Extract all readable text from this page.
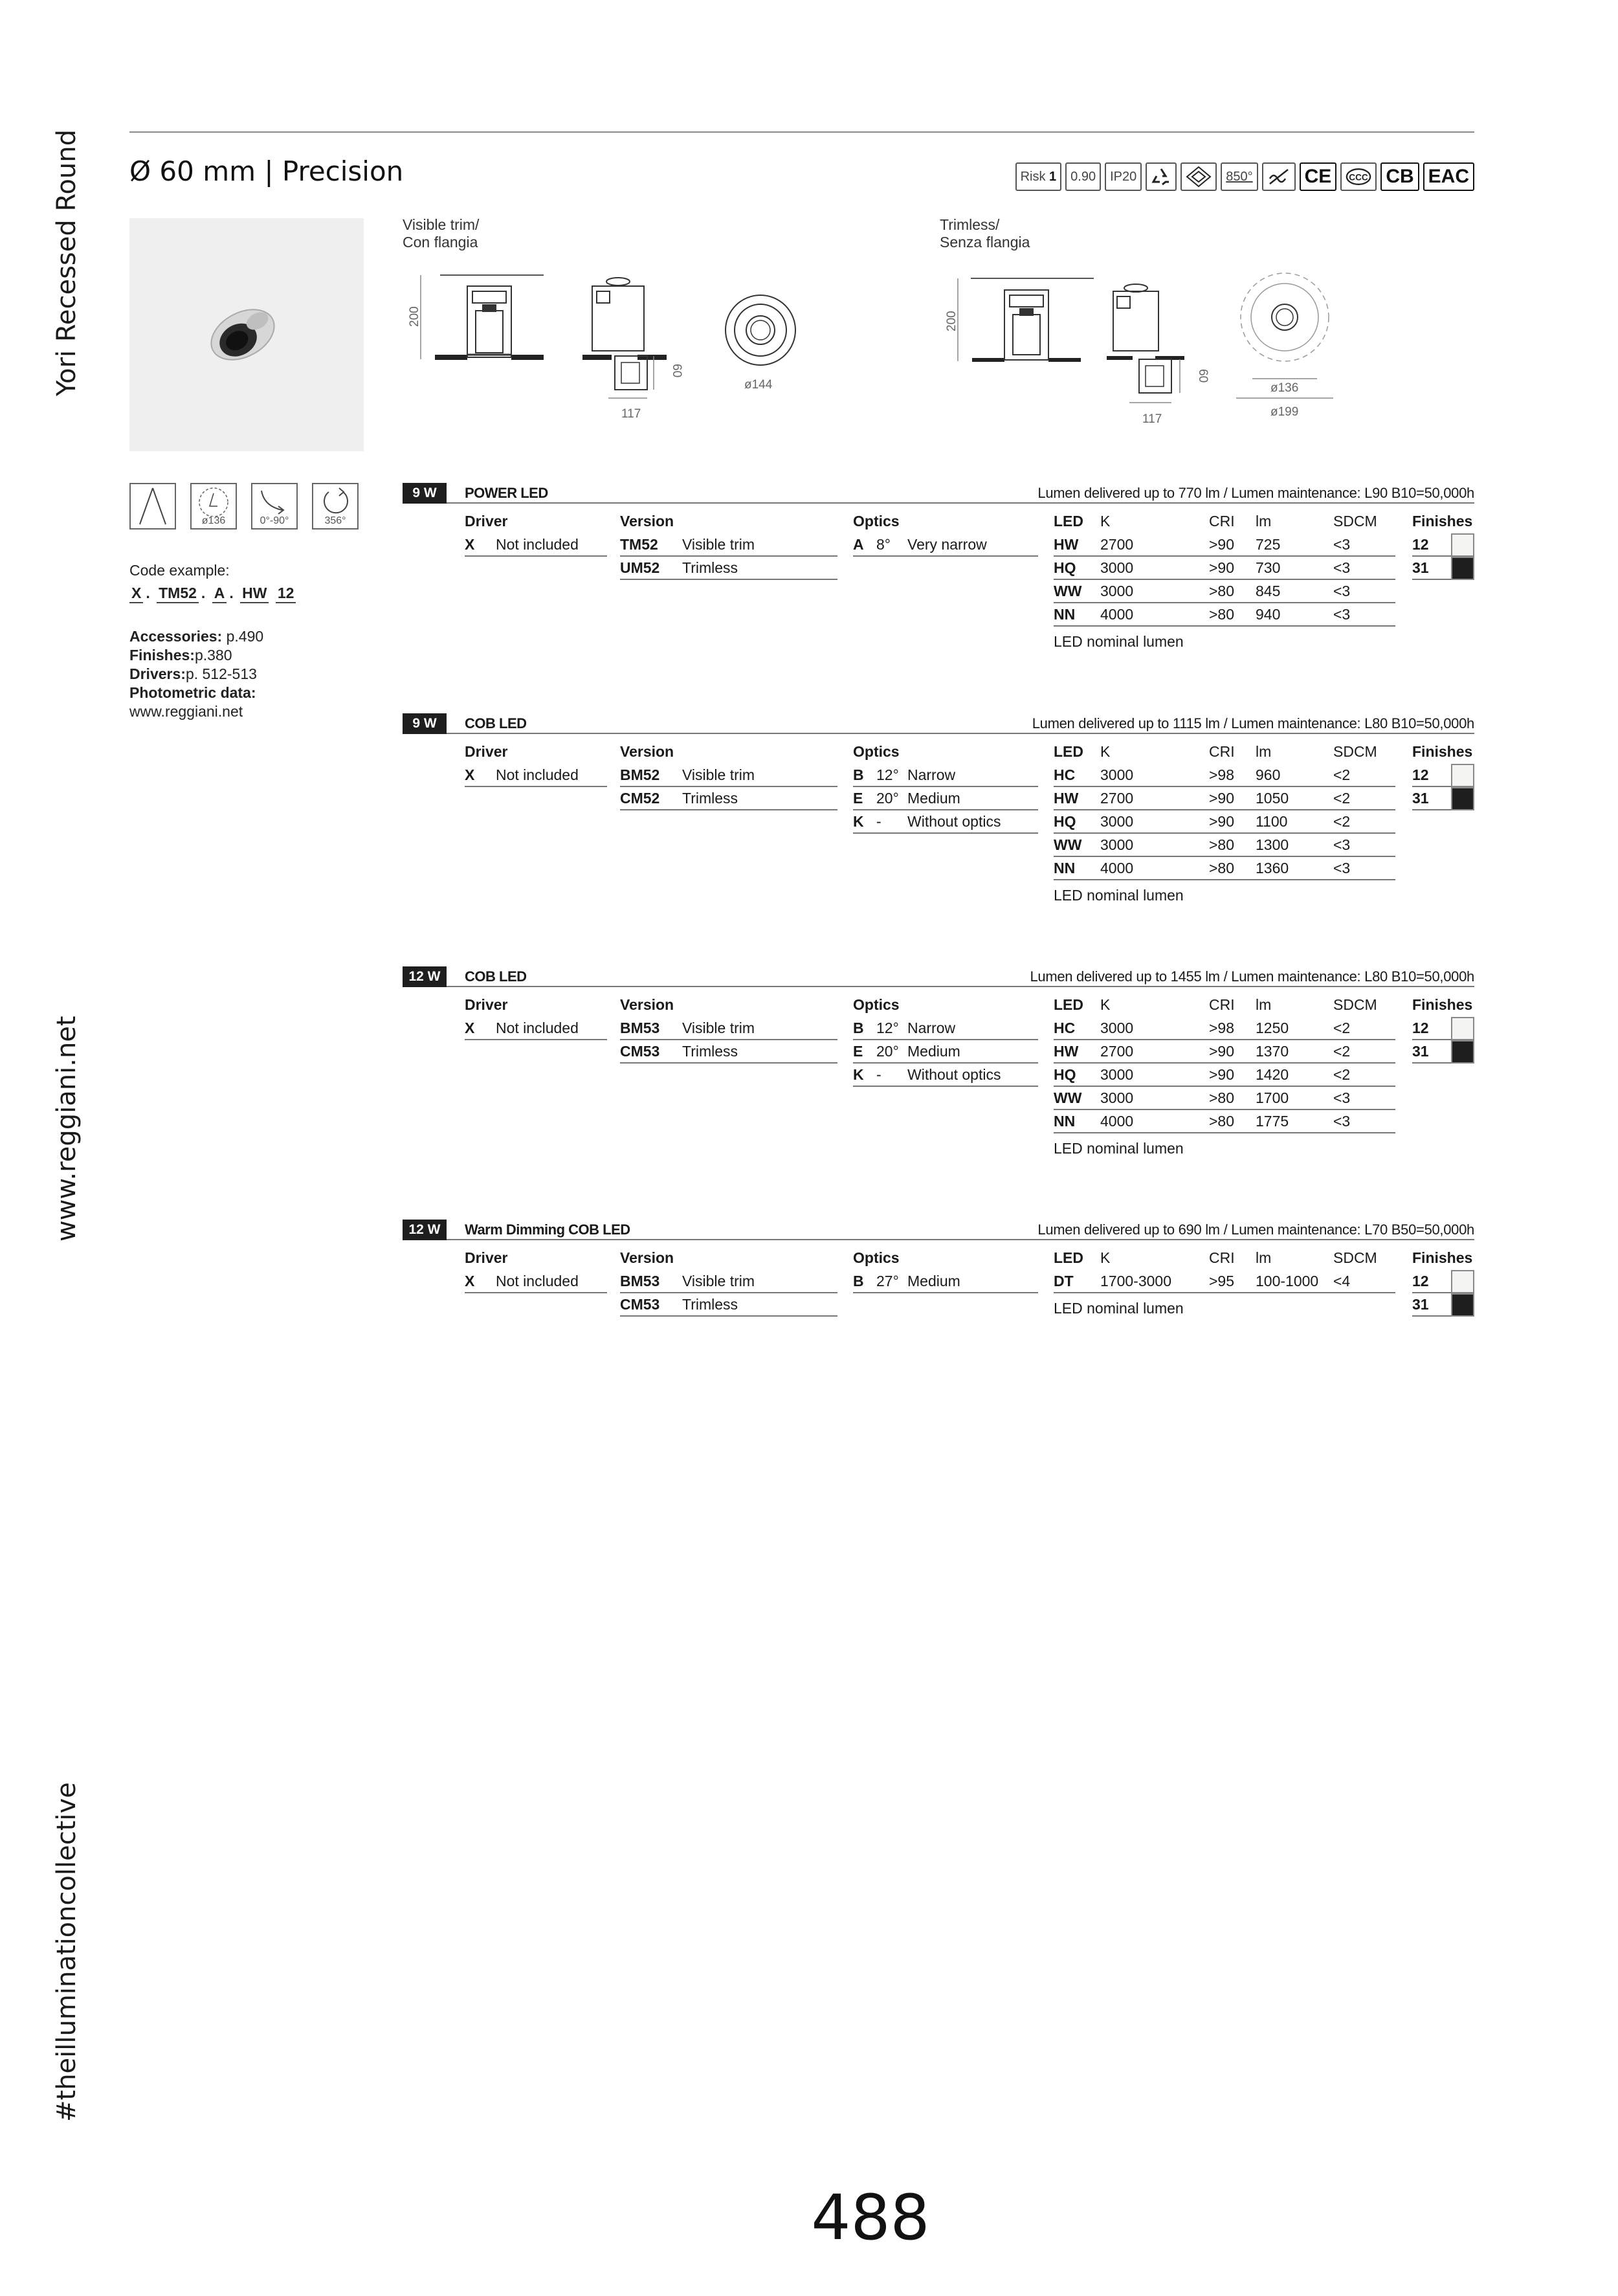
Yori Recessed Round
www.reggiani.net
#theilluminationcollective
Ø 60 mm | Precision	Risk
1	0.90	IP20	850°	CE	CCC CB EAC
Visible trim/
Con flangia
Trimless/
Senza flangia
200
117
60
ø144
200
117
60
ø136
ø199
ø136	0°-90°	356°
Code example:
X . TM52 . A . HW 12
Accessories: p.490
Finishes:p.380
Drivers:p. 512-513
Photometric data:
www.reggiani.net
9 W	POWER LED	Lumen delivered up to 770 lm / Lumen maintenance: L90 B10=50,000h
Driver
X Not included
Version
TM52 Visible trim
UM52 Trimless
Optics
A 8° Very narrow
LED K	CRI lm	SDCM
HW 2700	>90 725	<3
HQ 3000	>90 730	<3
WW 3000	>80 845	<3
NN 4000	>80 940	<3
LED nominal lumen
Finishes
12
31
9 W	COB LED	Lumen delivered up to 1115 lm / Lumen maintenance: L80 B10=50,000h
Driver
X Not included
Version
BM52 Visible trim
CM52 Trimless
Optics
B 12° Narrow
E 20° Medium
K - Without optics
LED K	CRI lm	SDCM
HC 3000	>98 960	<2
HW 2700	>90 1050	<2
HQ 3000	>90 1100	<2
WW 3000	>80 1300	<3
NN 4000	>80 1360	<3
LED nominal lumen
Finishes
12
31
12 W	COB LED	Lumen delivered up to 1455 lm / Lumen maintenance: L80 B10=50,000h
Driver
X Not included
Version
BM53 Visible trim
CM53 Trimless
Optics
B 12° Narrow
E 20° Medium
K - Without optics
LED K	CRI lm	SDCM
HC 3000	>98 1250	<2
HW 2700	>90 1370	<2
HQ 3000	>90 1420	<2
WW 3000	>80 1700	<3
NN 4000	>80 1775	<3
LED nominal lumen
Finishes
12
31
12 W	Warm Dimming COB LED	Lumen delivered up to 690 lm / Lumen maintenance: L70 B50=50,000h
Driver
X Not included
Version
BM53 Visible trim
CM53 Trimless
Optics
B 27° Medium
LED K	CRI lm	SDCM
DT 1700-3000	>95 100-1000 <4
LED nominal lumen
Finishes
12
31
488
